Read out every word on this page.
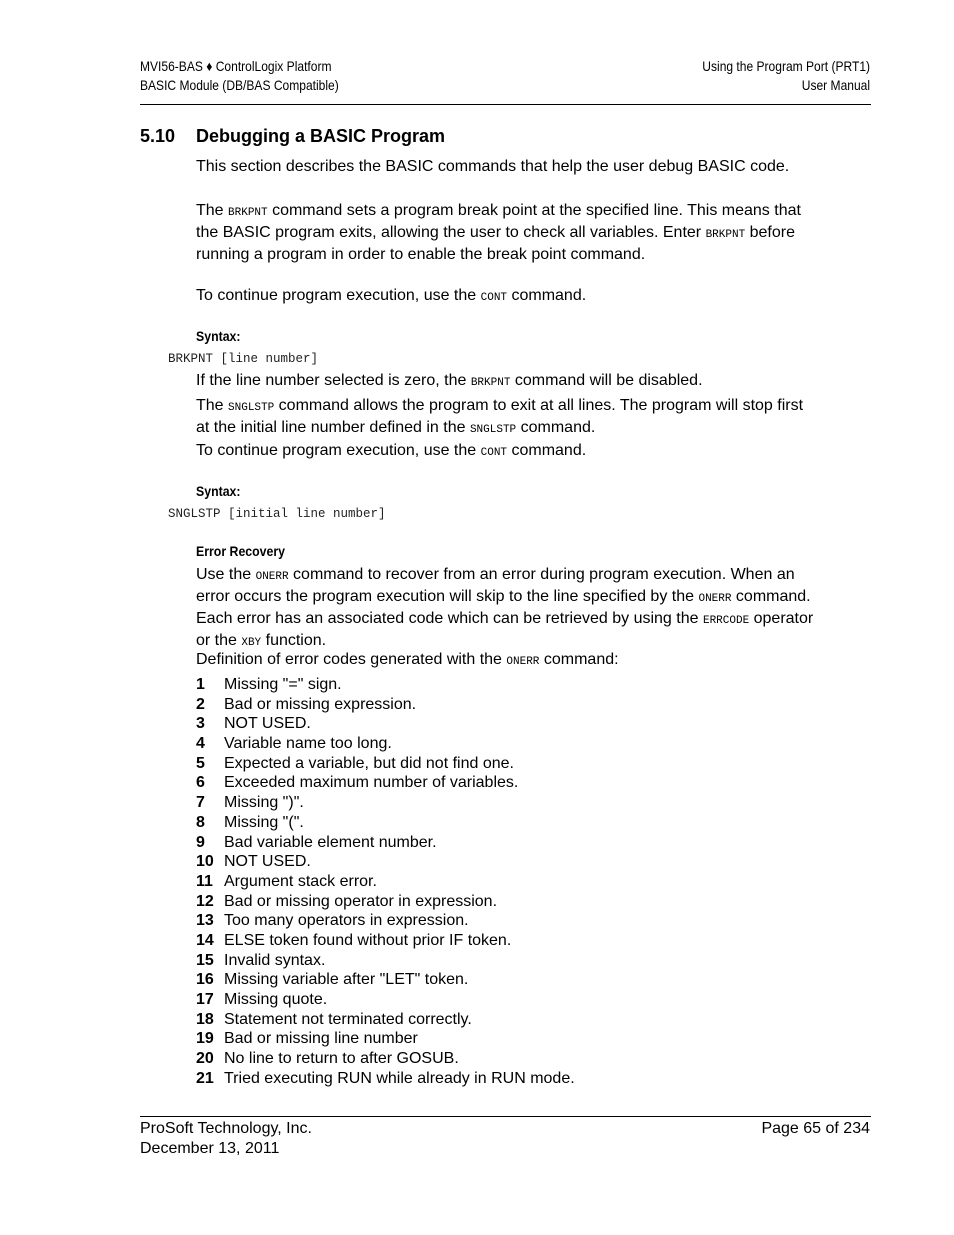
MVI56-BAS ♦ ControlLogix Platform
BASIC Module (DB/BAS Compatible)
Using the Program Port (PRT1)
User Manual
5.10 Debugging a BASIC Program
This section describes the BASIC commands that help the user debug BASIC code.
The BRKPNT command sets a program break point at the specified line. This means that the BASIC program exits, allowing the user to check all variables. Enter BRKPNT before running a program in order to enable the break point command.
To continue program execution, use the CONT command.
Syntax:
BRKPNT [line number]
If the line number selected is zero, the BRKPNT command will be disabled.
The SNGLSTP command allows the program to exit at all lines. The program will stop first at the initial line number defined in the SNGLSTP command.
To continue program execution, use the CONT command.
Syntax:
SNGLSTP [initial line number]
Error Recovery
Use the ONERR command to recover from an error during program execution. When an error occurs the program execution will skip to the line specified by the ONERR command. Each error has an associated code which can be retrieved by using the ERRCODE operator or the XBY function.
Definition of error codes generated with the ONERR command:
1 Missing "=" sign.
2 Bad or missing expression.
3 NOT USED.
4 Variable name too long.
5 Expected a variable, but did not find one.
6 Exceeded maximum number of variables.
7 Missing ")".
8 Missing "(".
9 Bad variable element number.
10 NOT USED.
11 Argument stack error.
12 Bad or missing operator in expression.
13 Too many operators in expression.
14 ELSE token found without prior IF token.
15 Invalid syntax.
16 Missing variable after "LET" token.
17 Missing quote.
18 Statement not terminated correctly.
19 Bad or missing line number
20 No line to return to after GOSUB.
21 Tried executing RUN while already in RUN mode.
ProSoft Technology, Inc.
December 13, 2011
Page 65 of 234
